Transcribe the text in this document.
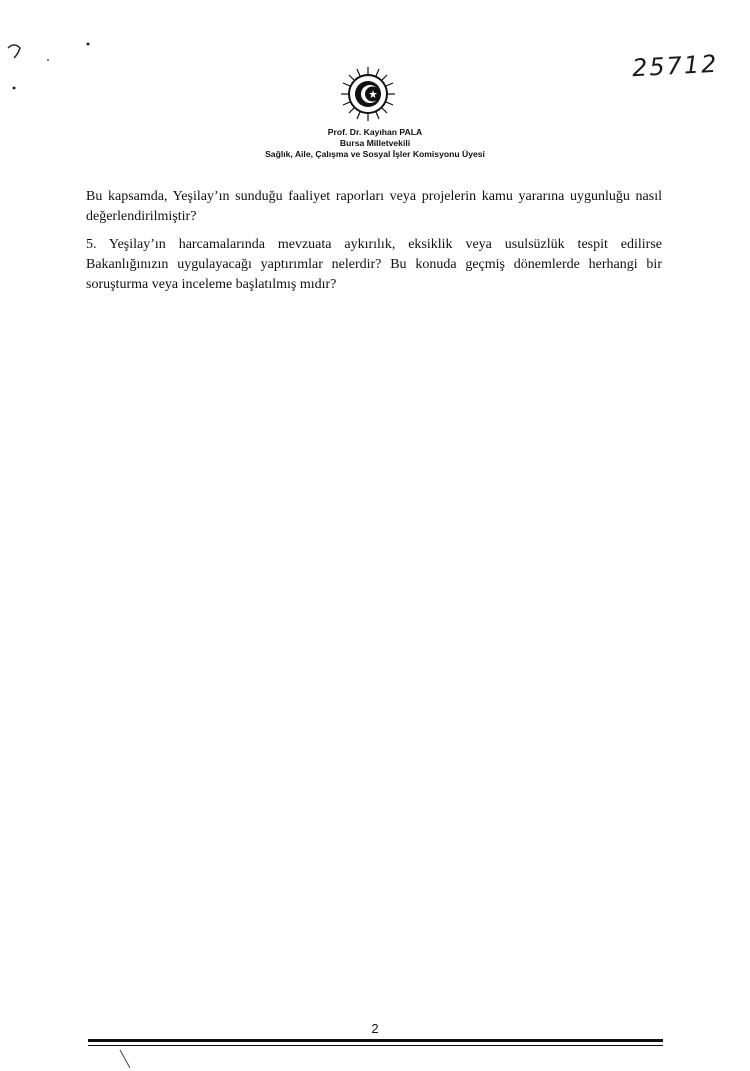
25712
Prof. Dr. Kayıhan PALA
Bursa Milletvekili
Sağlık, Aile, Çalışma ve Sosyal İşler Komisyonu Üyesi

Bu kapsamda, Yeşilay’ın sunduğu faaliyet raporları veya projelerin kamu yararına uygunluğu nasıl değerlendirilmiştir?

5. Yeşilay’ın harcamalarında mevzuata aykırılık, eksiklik veya usulsüzlük tespit edilirse Bakanlığınızın uygulayacağı yaptırımlar nelerdir? Bu konuda geçmiş dönemlerde herhangi bir soruşturma veya inceleme başlatılmış mıdır?

2
